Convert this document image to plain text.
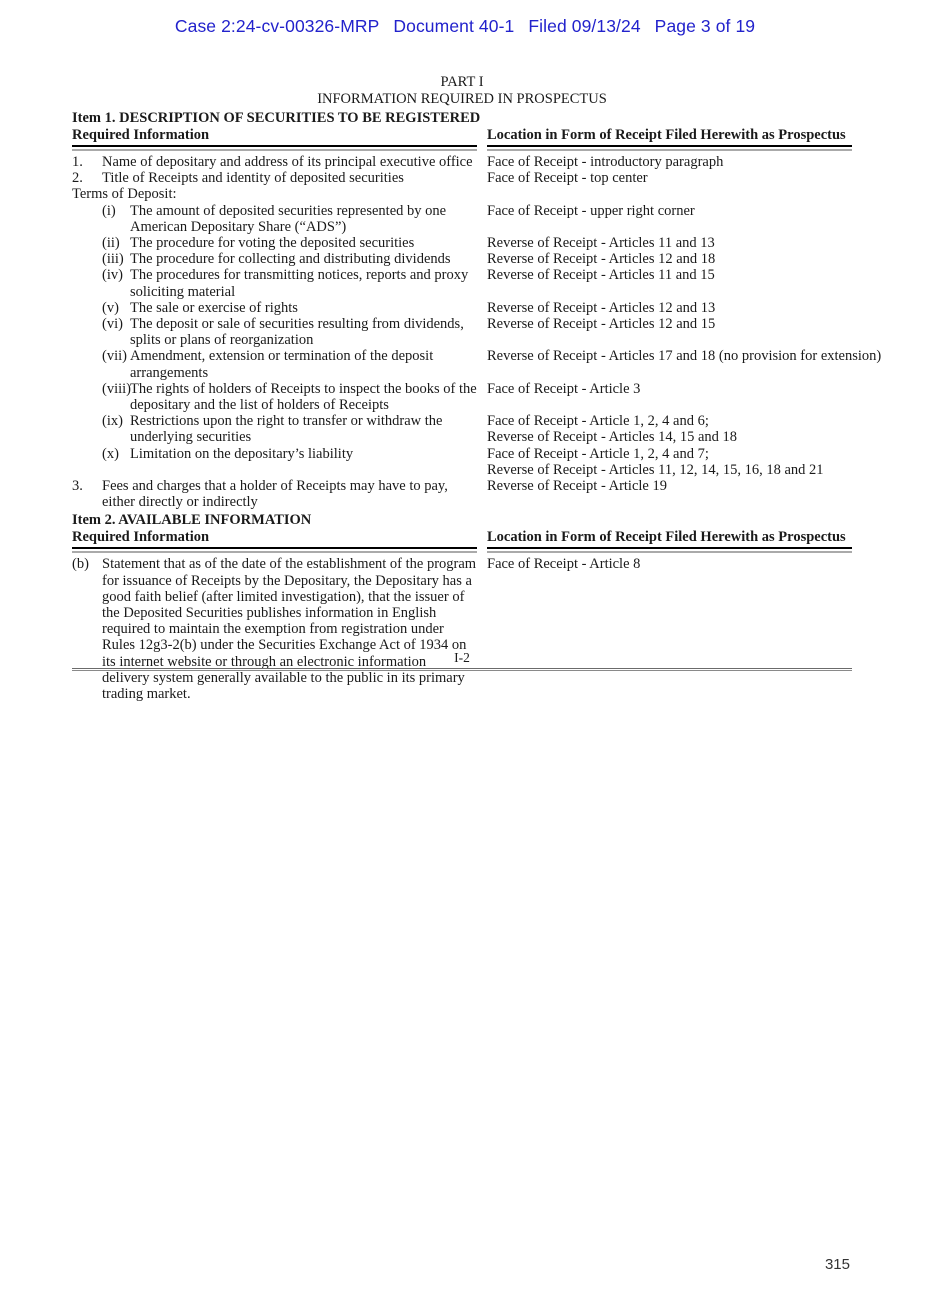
Case 2:24-cv-00326-MRP Document 40-1 Filed 09/13/24 Page 3 of 19
PART I
INFORMATION REQUIRED IN PROSPECTUS
Item 1. DESCRIPTION OF SECURITIES TO BE REGISTERED
Required Information	Location in Form of Receipt Filed Herewith as Prospectus
1.	Name of depositary and address of its principal executive office Face of Receipt - introductory paragraph
2.	Title of Receipts and identity of deposited securities	Face of Receipt - top center
Terms of Deposit:
(i) The amount of deposited securities represented by one American Depositary Share (“ADS”)
Face of Receipt - upper right corner
(ii) The procedure for voting the deposited securities	Reverse of Receipt - Articles 11 and 13
(iii) The procedure for collecting and distributing dividends	Reverse of Receipt - Articles 12 and 18
(iv) The procedures for transmitting notices, reports and proxy soliciting material
Reverse of Receipt - Articles 11 and 15
(v) The sale or exercise of rights	Reverse of Receipt - Articles 12 and 13
(vi) The deposit or sale of securities resulting from dividends, splits or plans of reorganization
Reverse of Receipt - Articles 12 and 15
(vii) Amendment, extension or termination of the deposit arrangements
Reverse of Receipt - Articles 17 and 18 (no provision for extension)
(viii) The rights of holders of Receipts to inspect the books of the depositary and the list of holders of Receipts
Face of Receipt - Article 3
(ix) Restrictions upon the right to transfer or withdraw the underlying securities
Face of Receipt - Article 1, 2, 4 and 6;
Reverse of Receipt - Articles 14, 15 and 18
(x) Limitation on the depositary’s liability	Face of Receipt - Article 1, 2, 4 and 7;
Reverse of Receipt - Articles 11, 12, 14, 15, 16, 18 and 21
3.	Fees and charges that a holder of Receipts may have to pay, either directly or indirectly
Reverse of Receipt - Article 19
Item 2. AVAILABLE INFORMATION
Required Information	Location in Form of Receipt Filed Herewith as Prospectus
(b) Statement that as of the date of the establishment of the program for issuance of Receipts by the Depositary, the Depositary has a good faith belief (after limited investigation), that the issuer of the Deposited Securities publishes information in English required to maintain the exemption from registration under Rules 12g3-2(b) under the Securities Exchange Act of 1934 on its internet website or through an electronic information delivery system generally available to the public in its primary trading market.
Face of Receipt - Article 8
I-2
315
